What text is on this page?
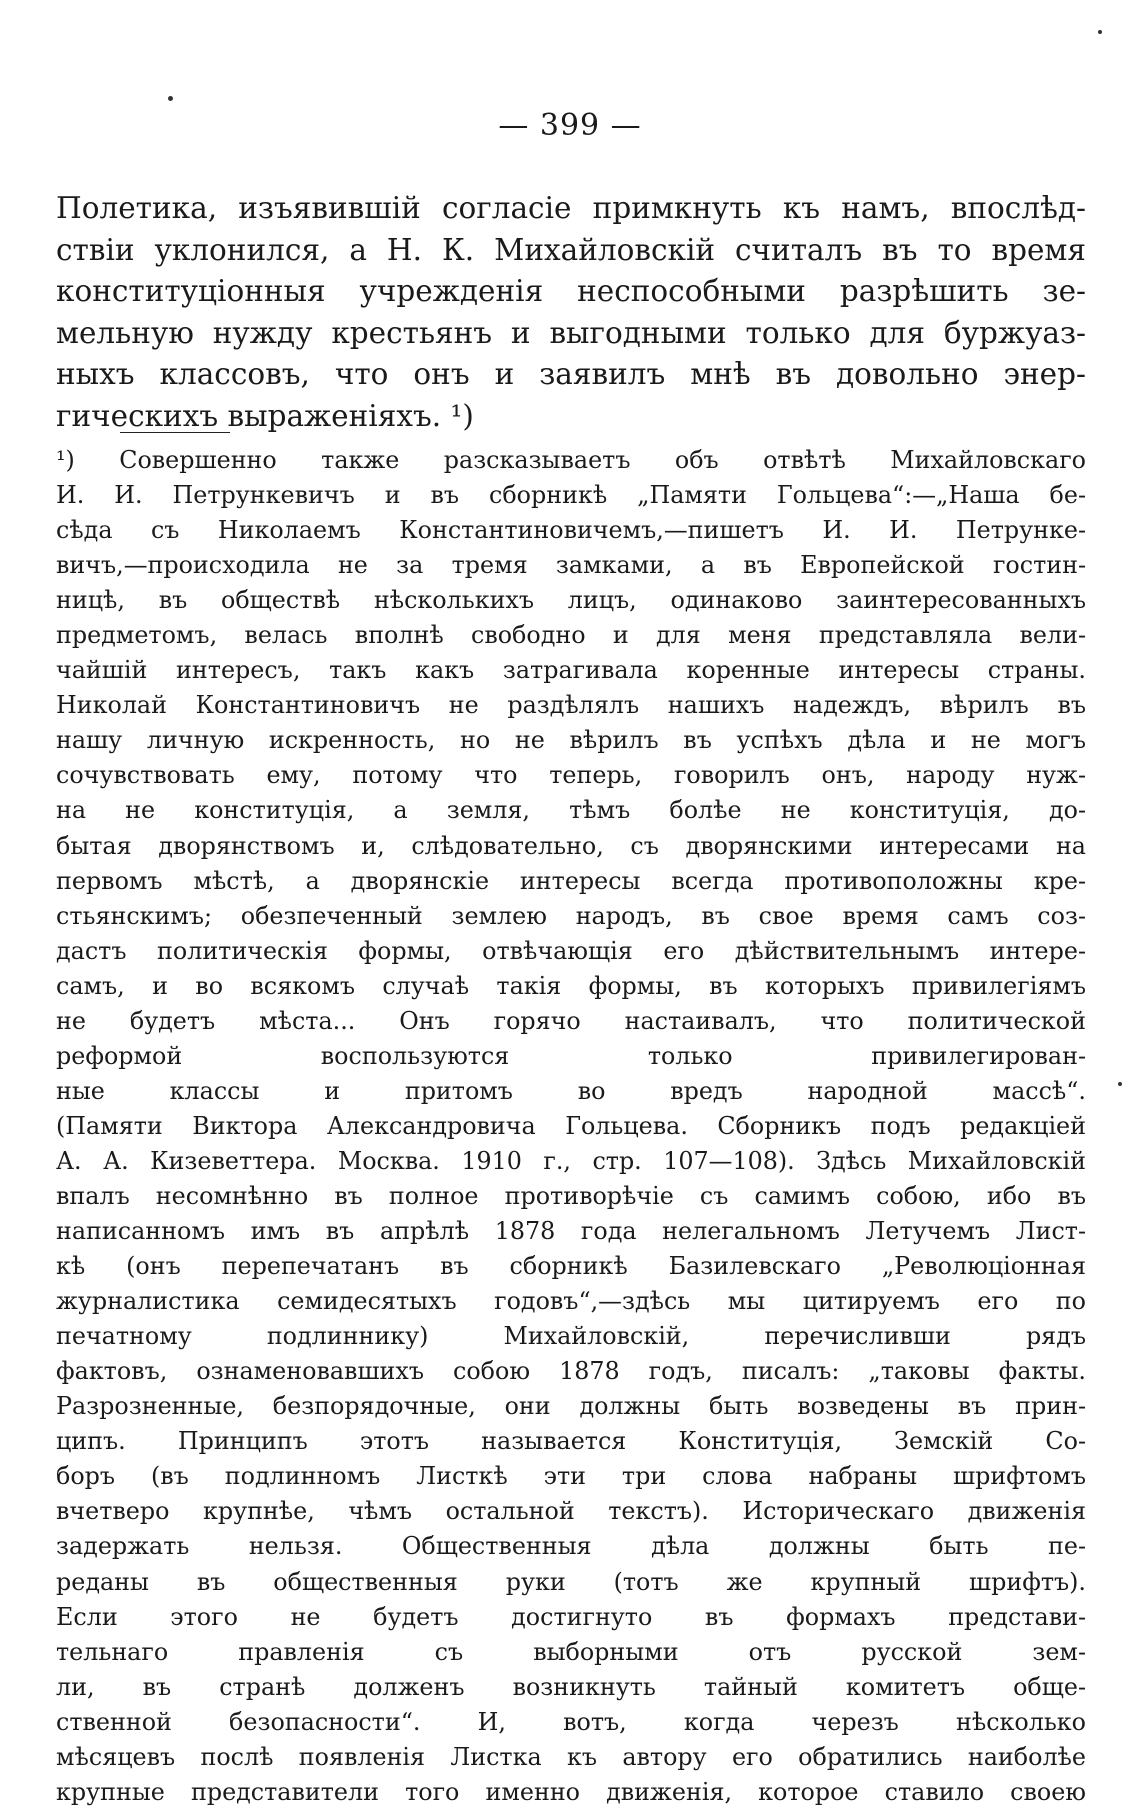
— 399 —
Полетика, изъявившій согласіе примкнуть къ намъ, впослѣд-
ствіи уклонился, а Н. К. Михайловскій считалъ въ то время
конституціонныя учрежденія неспособными разрѣшить зе-
мельную нужду крестьянъ и выгодными только для буржуаз-
ныхъ классовъ, что онъ и заявилъ мнѣ въ довольно энер-
гическихъ выраженіяхъ. ¹)
¹) Совершенно также разсказываетъ объ отвѣтѣ Михайловскаго
И. И. Петрункевичъ и въ сборникѣ „Памяти Гольцева“:—„Наша бе-
сѣда съ Николаемъ Константиновичемъ,—пишетъ И. И. Петрунке-
вичъ,—происходила не за тремя замками, а въ Европейской гостин-
ницѣ, въ обществѣ нѣсколькихъ лицъ, одинаково заинтересованныхъ
предметомъ, велась вполнѣ свободно и для меня представляла вели-
чайшій интересъ, такъ какъ затрагивала коренные интересы страны.
Николай Константиновичъ не раздѣлялъ нашихъ надеждъ, вѣрилъ въ
нашу личную искренность, но не вѣрилъ въ успѣхъ дѣла и не могъ
сочувствовать ему, потому что теперь, говорилъ онъ, народу нуж-
на не конституція, а земля, тѣмъ болѣе не конституція, до-
бытая дворянствомъ и, слѣдовательно, съ дворянскими интересами на
первомъ мѣстѣ, а дворянскіе интересы всегда противоположны кре-
стьянскимъ; обезпеченный землею народъ, въ свое время самъ соз-
дастъ политическія формы, отвѣчающія его дѣйствительнымъ интере-
самъ, и во всякомъ случаѣ такія формы, въ которыхъ привилегіямъ
не будетъ мѣста... Онъ горячо настаивалъ, что политической
реформой воспользуются только привилегирован-
ные классы и притомъ во вредъ народной массѣ“.
(Памяти Виктора Александровича Гольцева. Сборникъ подъ редакціей
А. А. Кизеветтера. Москва. 1910 г., стр. 107—108). Здѣсь Михайловскій
впалъ несомнѣнно въ полное противорѣчіе съ самимъ собою, ибо въ
написанномъ имъ въ апрѣлѣ 1878 года нелегальномъ Летучемъ Лист-
кѣ (онъ перепечатанъ въ сборникѣ Базилевскаго „Революціонная
журналистика семидесятыхъ годовъ“,—здѣсь мы цитируемъ его по
печатному подлиннику) Михайловскій, перечисливши рядъ
фактовъ, ознаменовавшихъ собою 1878 годъ, писалъ: „таковы факты.
Разрозненные, безпорядочные, они должны быть возведены въ прин-
ципъ. Принципъ этотъ называется Конституція, Земскій Со-
боръ (въ подлинномъ Листкѣ эти три слова набраны шрифтомъ
вчетверо крупнѣе, чѣмъ остальной текстъ). Историческаго движенія
задержать нельзя. Общественныя дѣла должны быть пе-
реданы въ общественныя руки (тотъ же крупный шрифтъ).
Если этого не будетъ достигнуто въ формахъ представи-
тельнаго правленія съ выборными отъ русской зем-
ли, въ странѣ долженъ возникнуть тайный комитетъ обще-
ственной безопасности“. И, вотъ, когда черезъ нѣсколько
мѣсяцевъ послѣ появленія Листка къ автору его обратились наиболѣе
крупные представители того именно движенія, которое ставило своею
